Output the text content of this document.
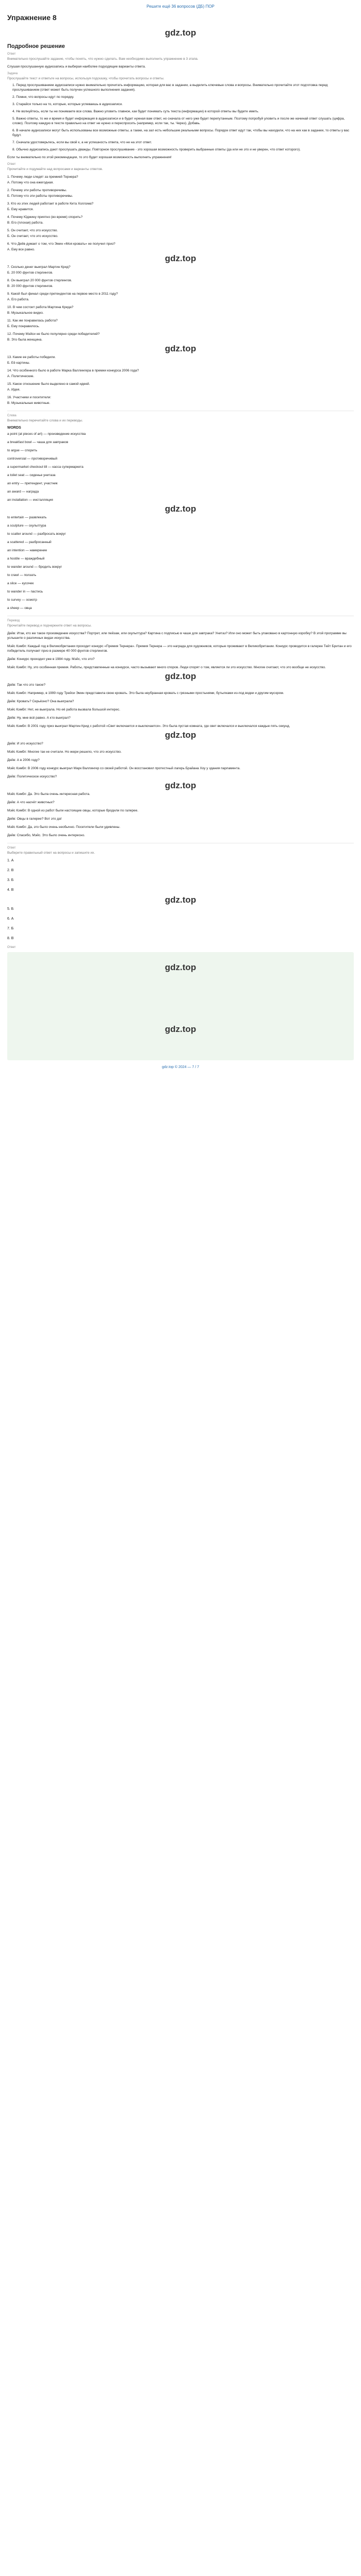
Решите ещё 36 вопросов (ДБ) ПОР
Упражнение 8
gdz.top
Подробное решение
Ответ
Внимательно прослушайте задание, чтобы понять, что нужно сделать. Вам необходимо выполнить упражнение в 3 этапа.
Слушая прослушанную аудиозапись и выбирая наиболее подходящие варианты ответа.
Задача
Прослушайте текст и ответьте на вопросы, используя подсказку, чтобы прочитать вопросы и ответы.
1. Перед прослушиванием аудиозаписи нужно внимательно прочитать информацию, которая для вас в задании, а выделить ключевые слова и вопросы. Внимательно прочитайте этот подготовка перед прослушиванием (ответ может быть получен успешного выполнения задания).
2. Помни, что вопросы идут по порядку.
3. Старайся только на то, которые, которые успеваешь в аудиозаписи.
4. Не волнуйтесь, если ты не понимаете все слова. Важно уловить главное, как будет понимать суть текста (информации) в которой ответы вы будете иметь.
5. Важно ответы, то же и время и будет информация в аудиозаписи и в будет нужная вам ответ, но сначала от него уже будет перепутанным. Поэтому попробуй уловить и после же начинай ответ слушать (цифра, слово). Поэтому каждую в тексте правильно на ответ не нужно и переспросить (например, если так, ты. Через). Добавь.
6. В начале аудиозаписи могут быть использованы все возможные ответы, а также, на зал есть небольшие реальными вопросы. Порядок ответ идут так, чтобы вы находили, что на них как в задании, то ответы у вас будут.
7. Сначала удостоверьтесь, если вы свой к, а не успешность ответа, что не на этот ответ.
8. Обычно аудиозапись дают прослушать дважды. Повторное прослушивание - это хорошая возможность проверить выбранные ответы (да или не это и не уверен, что ответ которого).
Если ты внимательно по этой рекомендации, то это будет хорошая возможность выполнить упражнения!
Ответ
Прочитайте и подумайте над вопросами и варианты ответов.
1. Почему люди следят за премией Тернера?
А. Потому что она ежегодная.
2. Почему эти работы противоречивы.
Б. Потому что эти работы противоречивы.
3. Кто из этих людей работает в работе Кита Холлэма?
Б. Ему нравится.
4. Почему Юджину приятно (во время) спорить?
В. Его (плохая) работа.
5. Он считает, что это искусство.
Б. Он считает, что это искусство.
6. Что Дейв думает о том, что Эмин «Моя кровать» не получил приз?
А. Ему все равно.
gdz.top
7. Сколько денег выиграл Мартин Крид?
Б. 20 000 фунтов стерлингов.
8. Он выиграл 20 000 фунтов стерлингов.
В. 20 000 фунтов стерлингов.
9. Какой был финал среди претендентов на первое место в 2011 году?
А. Его работа.
10. В чем состоит работа Мартина Крида?
В. Музыкальное видео.
11. Как им понравилась работа?
Б. Ему понравилось.
12. Почему Мэйси не было популярно среди победителей?
В. Это была женщина.
gdz.top
13. Какие ее работы победили.
Б. Её картины.
14. Что особенного было в работе Марка Валлингера в премии конкурса 2006 года?
А. Политические.
15. Какое отношение было выделено в самой идеей.
А. Идея.
16. Участники и посетители:
В. Музыкальные животные.
Слова
Внимательно перечитайте слова и их переводы.
WORDS
a point (at pieces of art) — произведение искусства
a breakfast bowl — чаша для завтраков
to argue — спорить
controversial — противоречивый
a supermarket checkout till — касса супермаркета
a toilet seat — сиденье унитаза
an entry — претендент, участник
an award — награда
an installation — инсталляция
gdz.top
to entertain — развлекать
a sculpture — скульптура
to scatter around — разбросать вокруг
a scattered — разбросанный
an intention — намерение
a hostile — враждебный
to wander around — бродить вокруг
to crawl — ползать
a slice — кусочек
to wander in — пастись
to survey — осмотр
a sheep — овца
Перевод
Прочитайте перевод и подчеркните ответ на вопросы.
Дейв: Итак, кто же такое произведение искусства? Портрет, или пейзаж, или скульптура? Картина с подписью в чаше для завтрака? Унитаз? Или оно может быть упаковано в картонную коробку? В этой программе вы услышите о различных видах искусства.
Мэйс Кэмбл: Каждый год в Великобритании проходит конкурс «Премия Тернера». Премия Тернера — это награда для художников, которые проживают в Великобритании. Конкурс проводится в галерее Тейт Британ и его победитель получает приз в размере 40 000 фунтов стерлингов.
Дейв: Конкурс проходил уже в 1984 году. Мэйс, что это?
Мэйс Кэмбл: Ну, это особенная премия. Работы, представленные на конкурсе, часто вызывают много споров. Люди спорят о том, является ли это искусство. Многие считают, что это вообще не искусство.
gdz.top
Дейв: Так что это такое?
Мэйс Кэмбл: Например, в 1999 году Трейси Эмин представила свою кровать. Это была неубранная кровать с грязными простынями, бутылками из-под водки и другим мусором.
Дейв: Кровать? Серьёзно? Она выиграла?
Мэйс Кэмбл: Нет, не выиграла. Но её работа вызвала большой интерес.
Дейв: Ну, мне всё равно. А кто выиграл?
Мэйс Кэмбл: В 2001 году приз выиграл Мартин Крид с работой «Свет включается и выключается». Это была пустая комната, где свет включался и выключался каждые пять секунд.
gdz.top
Дейв: И это искусство?
Мэйс Кэмбл: Многие так не считали. Но жюри решило, что это искусство.
Дейв: А в 2006 году?
Мэйс Кэмбл: В 2006 году конкурс выиграл Марк Валлингер со своей работой. Он восстановил протестный лагерь Брайана Хоу у здания парламента.
Дейв: Политическое искусство?
gdz.top
Мэйс Кэмбл: Да. Это была очень интересная работа.
Дейв: А что насчёт животных?
Мэйс Кэмбл: В одной из работ были настоящие овцы, которые бродили по галерее.
Дейв: Овцы в галерее? Вот это да!
Мэйс Кэмбл: Да, это было очень необычно. Посетители были удивлены.
Дейв: Спасибо, Мэйс. Это было очень интересно.
Ответ
Выберите правильный ответ на вопросы и запишите их.
1. А
2. В
3. Б
4. В
gdz.top
5. Б
6. А
7. Б
8. В
Ответ
gdz.top
gdz.top
gdz.top © 2024 — 7 / 7
